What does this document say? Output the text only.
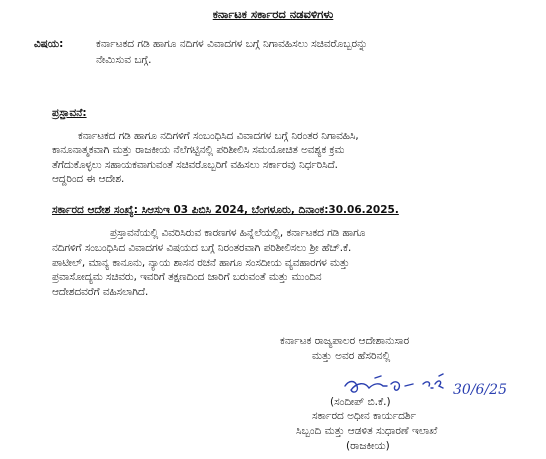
ಕರ್ನಾಟಕ ಸರ್ಕಾರದ ನಡವಳಿಗಳು
ವಿಷಯ:	ಕರ್ನಾಟಕದ ಗಡಿ ಹಾಗೂ ನದಿಗಳ ವಿವಾದಗಳ ಬಗ್ಗೆ ನಿಗಾವಹಿಸಲು ಸಚಿವರೊಬ್ಬರನ್ನು
ನೇಮಿಸುವ ಬಗ್ಗೆ.
ಪ್ರಸ್ತಾವನೆ:
ಕರ್ನಾಟಕದ ಗಡಿ ಹಾಗೂ ನದಿಗಳಿಗೆ ಸಂಬಂಧಿಸಿದ ವಿವಾದಗಳ ಬಗ್ಗೆ ನಿರಂತರ ನಿಗಾವಹಿಸಿ,
ಕಾನೂನಾತ್ಮಕವಾಗಿ ಮತ್ತು ರಾಜಕೀಯ ನೆಲೆಗಟ್ಟಿನಲ್ಲಿ ಪರಿಶೀಲಿಸಿ ಸಮಯೋಚಿತ ಅವಶ್ಯಕ ಕ್ರಮ
ತೆಗೆದುಕೊಳ್ಳಲು ಸಹಾಯಕವಾಗುವಂತೆ ಸಚಿವರೊಬ್ಬರಿಗೆ ವಹಿಸಲು ಸರ್ಕಾರವು ನಿರ್ಧರಿಸಿದೆ.
ಆದ್ದರಿಂದ ಈ ಆದೇಶ.
ಸರ್ಕಾರದ ಆದೇಶ ಸಂಖ್ಯೆ: ಸಿಆಸುಇ 03 ಪಿಬಿಸಿ 2024, ಬೆಂಗಳೂರು, ದಿನಾಂಕ:30.06.2025.
ಪ್ರಸ್ತಾವನೆಯಲ್ಲಿ ವಿವರಿಸಿರುವ ಕಾರಣಗಳ ಹಿನ್ನೆಲೆಯಲ್ಲಿ, ಕರ್ನಾಟಕದ ಗಡಿ ಹಾಗೂ
ನದಿಗಳಿಗೆ ಸಂಬಂಧಿಸಿದ ವಿವಾದಗಳ ವಿಷಯದ ಬಗ್ಗೆ ನಿರಂತರವಾಗಿ ಪರಿಶೀಲಿಸಲು ಶ್ರೀ ಹೆಚ್.ಕೆ.
ಪಾಟೀಲ್, ಮಾನ್ಯ ಕಾನೂನು, ನ್ಯಾಯ ಶಾಸನ ರಚನೆ ಹಾಗೂ ಸಂಸದೀಯ ವ್ಯವಹಾರಗಳ ಮತ್ತು
ಪ್ರವಾಸೋದ್ಯಮ ಸಚಿವರು, ಇವರಿಗೆ ತಕ್ಷಣದಿಂದ ಜಾರಿಗೆ ಬರುವಂತೆ ಮತ್ತು ಮುಂದಿನ
ಆದೇಶದವರೆಗೆ ವಹಿಸಲಾಗಿದೆ.
ಕರ್ನಾಟಕ ರಾಜ್ಯಪಾಲರ ಆದೇಶಾನುಸಾರ
ಮತ್ತು ಅವರ ಹೆಸರಿನಲ್ಲಿ
30/6/25
(ಸಂದೀಪ್ ಬಿ.ಕೆ.)
ಸರ್ಕಾರದ ಅಧೀನ ಕಾರ್ಯದರ್ಶಿ
ಸಿಬ್ಬಂದಿ ಮತ್ತು ಆಡಳಿತ ಸುಧಾರಣೆ ಇಲಾಖೆ
(ರಾಜಕೀಯ)
